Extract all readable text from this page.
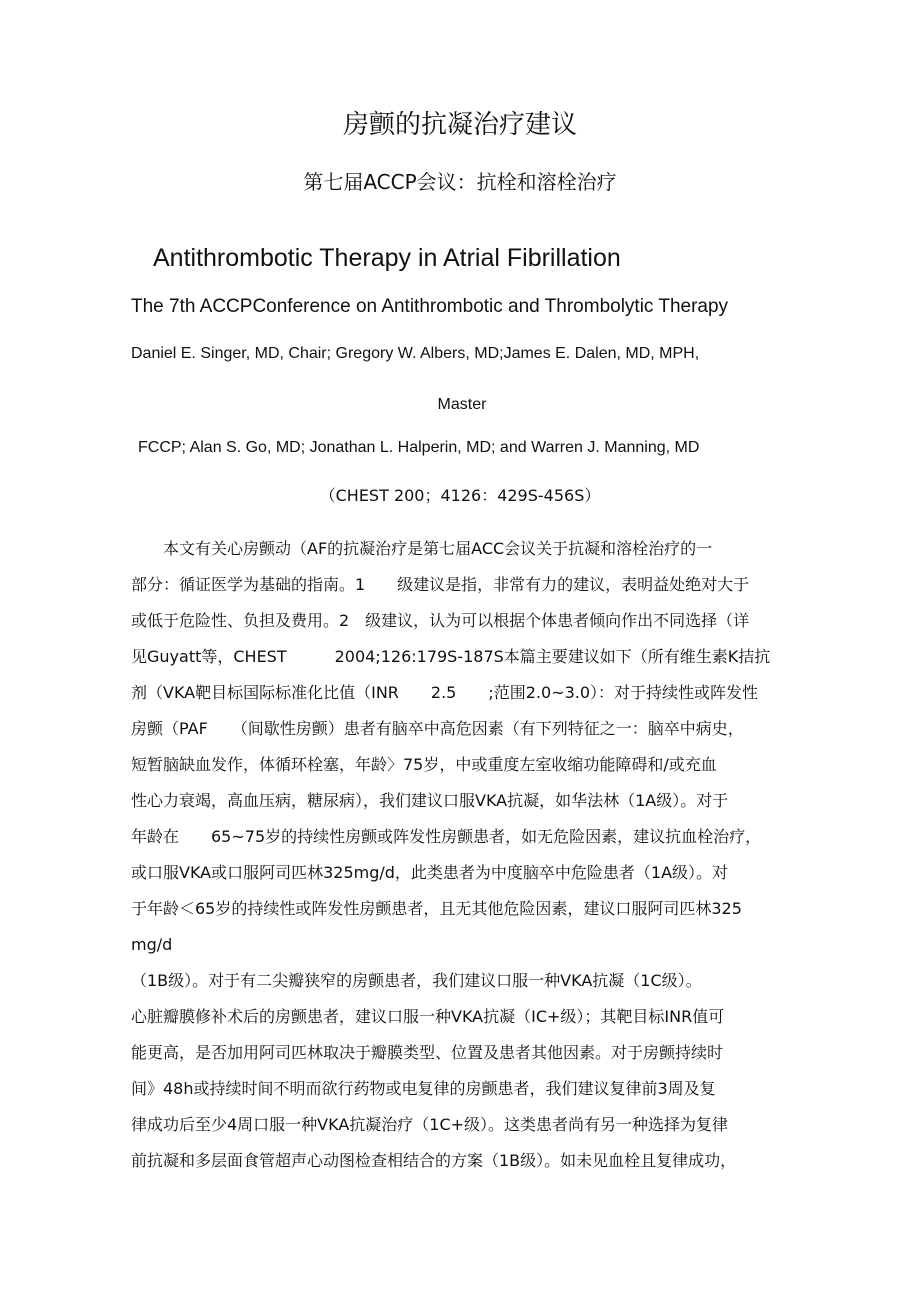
房颤的抗凝治疗建议
第七届ACCP会议：抗栓和溶栓治疗
Antithrombotic Therapy in Atrial Fibrillation
The 7th ACCPConference on Antithrombotic and Thrombolytic Therapy
Daniel E. Singer, MD, Chair; Gregory W. Albers, MD;James E. Dalen, MD, MPH,
Master
FCCP; Alan S. Go, MD; Jonathan L. Halperin, MD; and Warren J. Manning, MD
（CHEST 200；4126：429S-456S）
　　本文有关心房颤动（AF的抗凝治疗是第七届ACC会议关于抗凝和溶栓治疗的一
部分：循证医学为基础的指南。1　　级建议是指，非常有力的建议，表明益处绝对大于
或低于危险性、负担及费用。2　级建议，认为可以根据个体患者倾向作出不同选择（详
见Guyatt等，CHEST　　　2004;126:179S-187S本篇主要建议如下（所有维生素K拮抗
剂（VKA靶目标国际标准化比值（INR　　2.5　　;范围2.0~3.0）：对于持续性或阵发性
房颤（PAF　　（间歇性房颤）患者有脑卒中高危因素（有下列特征之一：脑卒中病史，
短暂脑缺血发作，体循环栓塞，年龄〉75岁，中或重度左室收缩功能障碍和/或充血
性心力衰竭，高血压病，糖尿病），我们建议口服VKA抗凝，如华法林（1A级）。对于
年龄在　　65~75岁的持续性房颤或阵发性房颤患者，如无危险因素，建议抗血栓治疗，
或口服VKA或口服阿司匹林325mg/d，此类患者为中度脑卒中危险患者（1A级）。对
于年龄＜65岁的持续性或阵发性房颤患者，且无其他危险因素，建议口服阿司匹林325
mg/d
（1B级）。对于有二尖瓣狭窄的房颤患者，我们建议口服一种VKA抗凝（1C级）。
心脏瓣膜修补术后的房颤患者，建议口服一种VKA抗凝（IC+级）；其靶目标INR值可
能更高，是否加用阿司匹林取决于瓣膜类型、位置及患者其他因素。对于房颤持续时
间》48h或持续时间不明而欲行药物或电复律的房颤患者，我们建议复律前3周及复
律成功后至少4周口服一种VKA抗凝治疗（1C+级）。这类患者尚有另一种选择为复律
前抗凝和多层面食管超声心动图检查相结合的方案（1B级）。如未见血栓且复律成功，
